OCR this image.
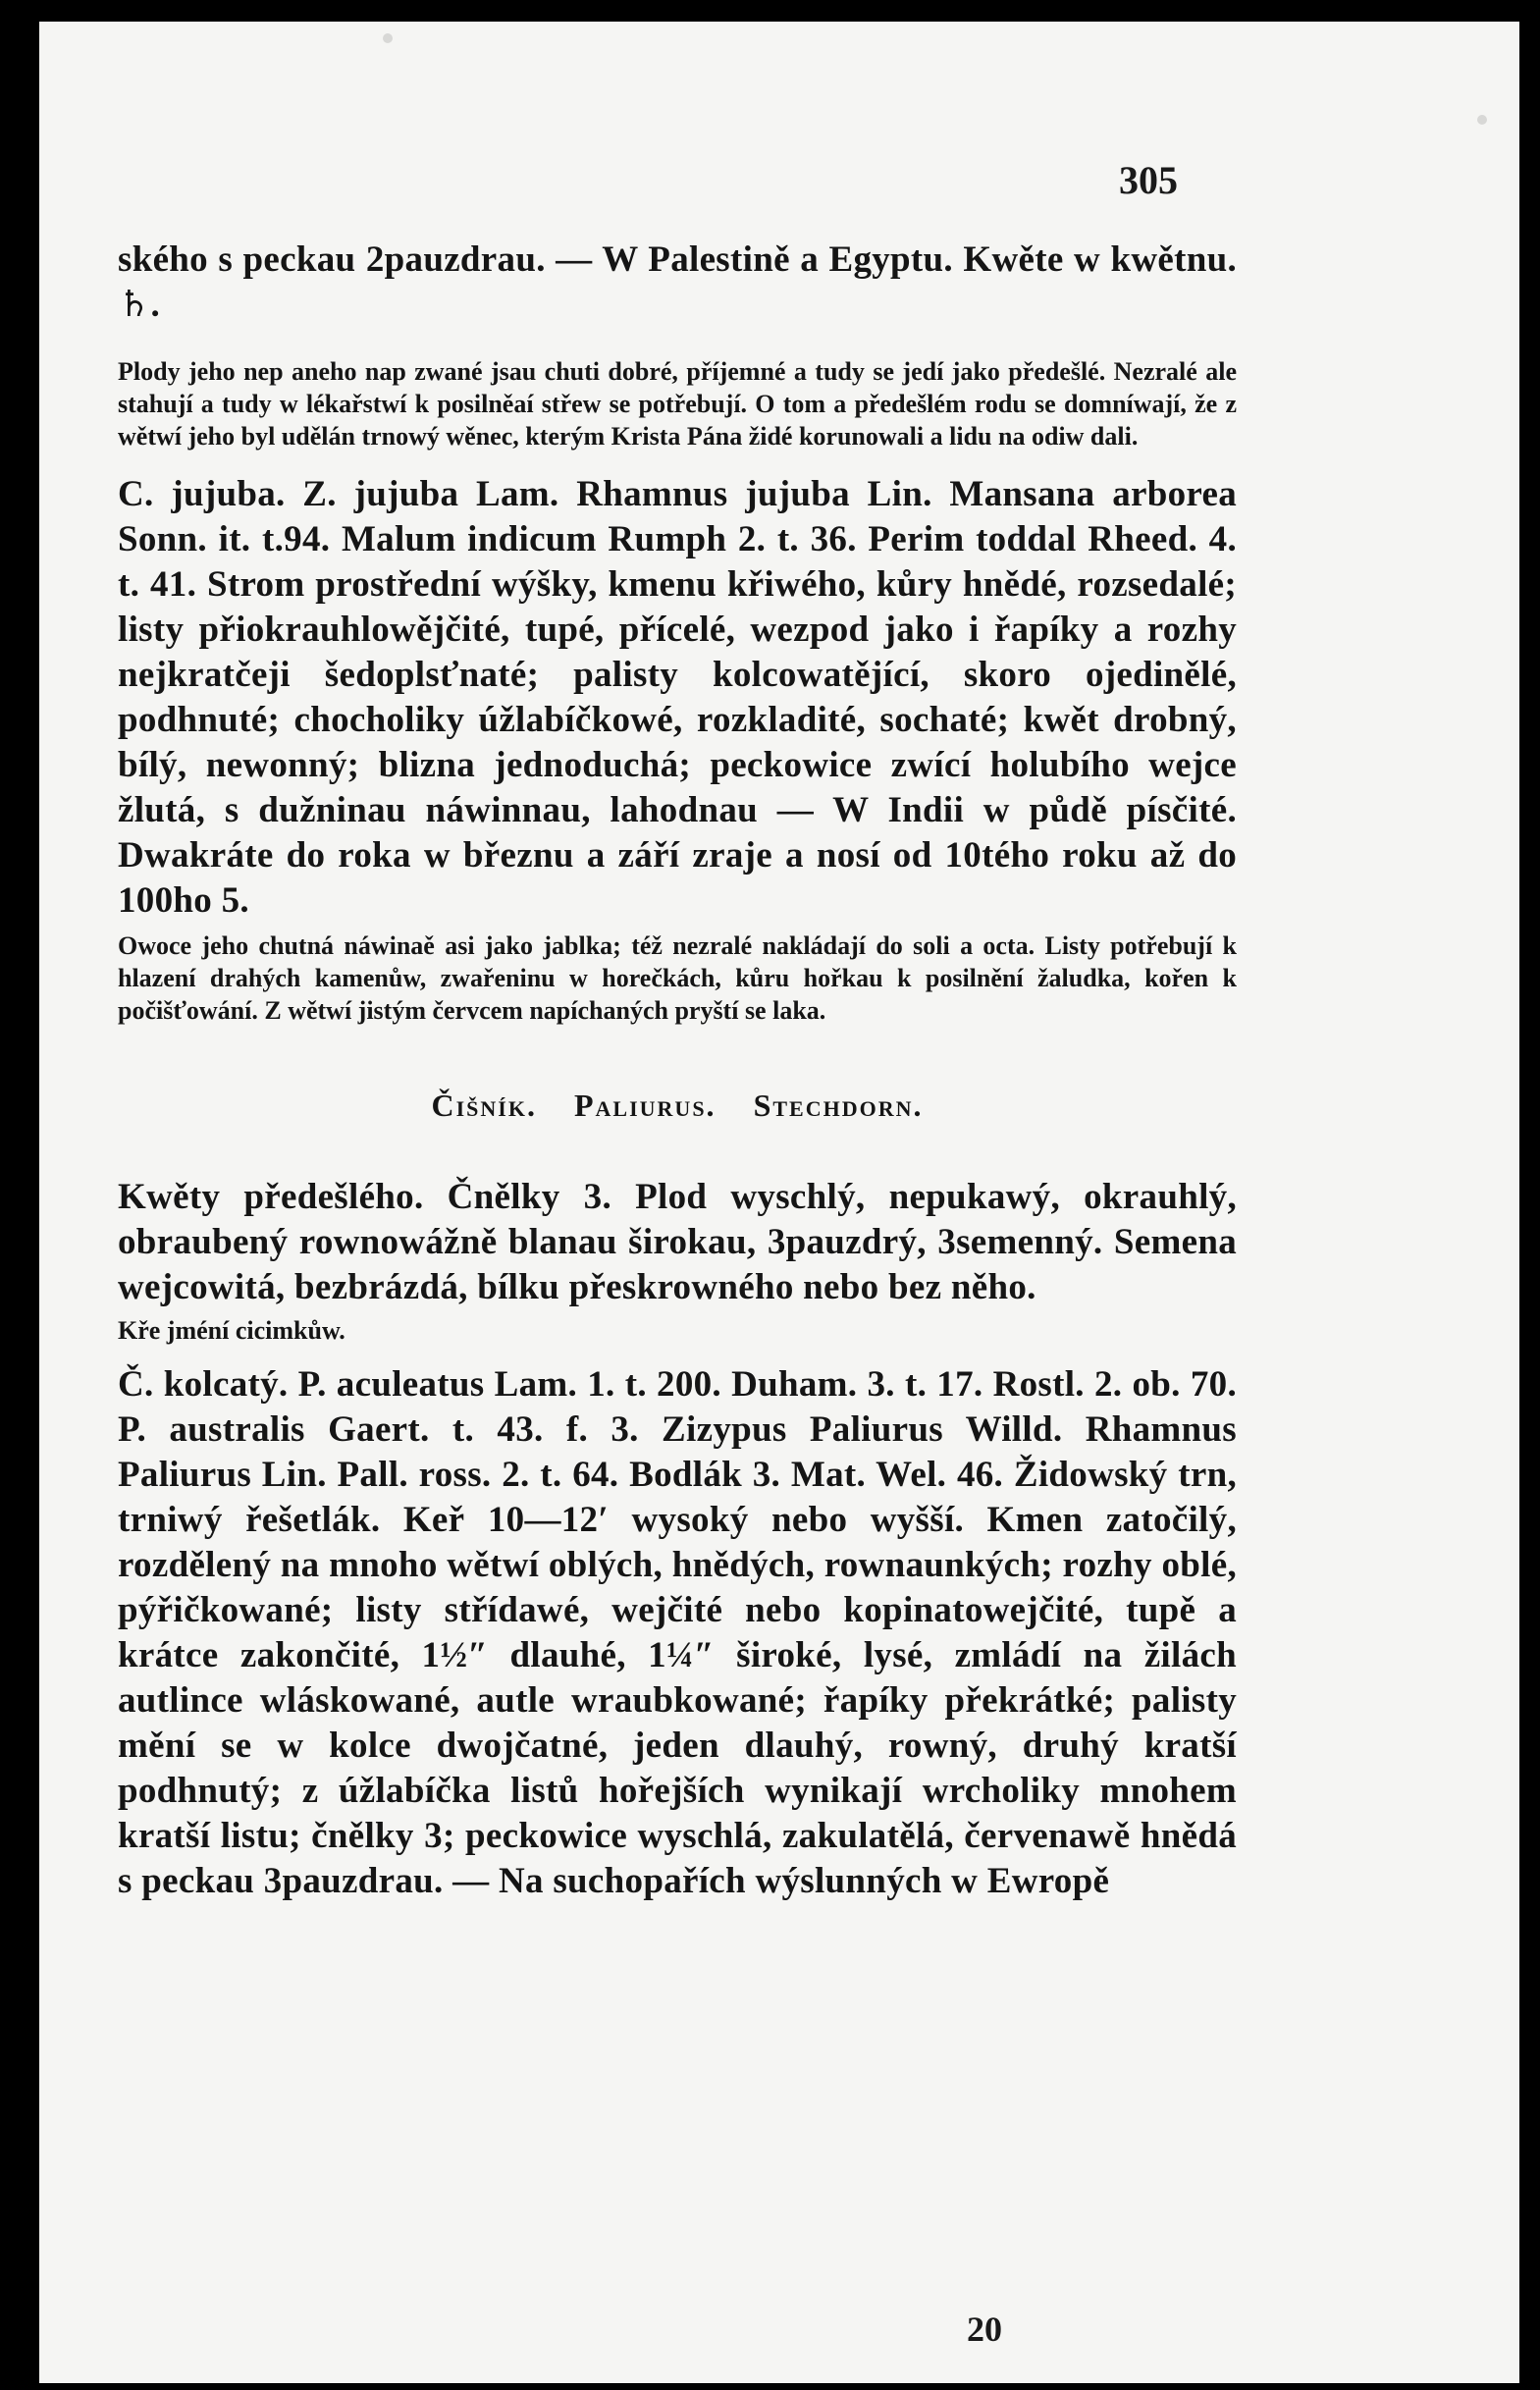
305

ského s peckau 2pauzdrau. — W Palestině a Egyptu. Kwěte w kwětnu. ♄.

Plody jeho nep aneho nap zwané jsau chuti dobré, příjemné a tudy se jedí jako předešlé. Nezralé ale stahují a tudy w lékařstwí k posilněaí střew se potřebují. O tom a předešlém rodu se domníwají, že z wětwí jeho byl udělán trnowý wěnec, kterým Krista Pána židé korunowali a lidu na odiw dali.

C. jujuba. Z. jujuba Lam. Rhamnus jujuba Lin. Mansana arborea Sonn. it. t.94. Malum indicum Rumph 2. t. 36. Perim toddal Rheed. 4. t. 41. Strom prostřední wýšky, kmenu křiwého, kůry hnědé, rozsedalé; listy přiokrauhlowějčité, tupé, přícelé, wezpod jako i řapíky a rozhy nejkratčeji šedoplsťnaté; palisty kolcowatějící, skoro ojedinělé, podhnuté; chocholiky úžlabíčkowé, rozkladité, sochaté; kwět drobný, bílý, newonný; blizna jednoduchá; peckowice zwící holubího wejce žlutá, s dužninau náwinnau, lahodnau — W Indii w půdě písčité. Dwakráte do roka w březnu a září zraje a nosí od 10tého roku až do 100ho 5.

Owoce jeho chutná náwinaě asi jako jablka; též nezralé nakládají do soli a octa. Listy potřebují k hlazení drahých kamenůw, zwařeninu w horečkách, kůru hořkau k posilnění žaludka, kořen k počišťowání. Z wětwí jistým červcem napíchaných pryští se laka.

Čišník. Paliurus. Stechdorn.

Kwěty předešlého. Čnělky 3. Plod wyschlý, nepukawý, okrauhlý, obraubený rownowážně blanau širokau, 3pauzdrý, 3semenný. Semena wejcowitá, bezbrázdá, bílku přeskrowného nebo bez něho.

Kře jméní cicimkůw.

Č. kolcatý. P. aculeatus Lam. 1. t. 200. Duham. 3. t. 17. Rostl. 2. ob. 70. P. australis Gaert. t. 43. f. 3. Zizypus Paliurus Willd. Rhamnus Paliurus Lin. Pall. ross. 2. t. 64. Bodlák 3. Mat. Wel. 46. Židowský trn, trniwý řešetlák. Keř 10—12′ wysoký nebo wyšší. Kmen zatočilý, rozdělený na mnoho wětwí oblých, hnědých, rownaunkých; rozhy oblé, pýřičkowané; listy střídawé, wejčité nebo kopinatowejčité, tupě a krátce zakončité, 1½″ dlauhé, 1¼″ široké, lysé, zmládí na žilách autlince wláskowané, autle wraubkowané; řapíky překrátké; palisty mění se w kolce dwojčatné, jeden dlauhý, rowný, druhý kratší podhnutý; z úžlabíčka listů hořejších wynikají wrcholiky mnohem kratší listu; čnělky 3; peckowice wyschlá, zakulatělá, červenawě hnědá s peckau 3pauzdrau. — Na suchopařích wýslunných w Ewropě

20
